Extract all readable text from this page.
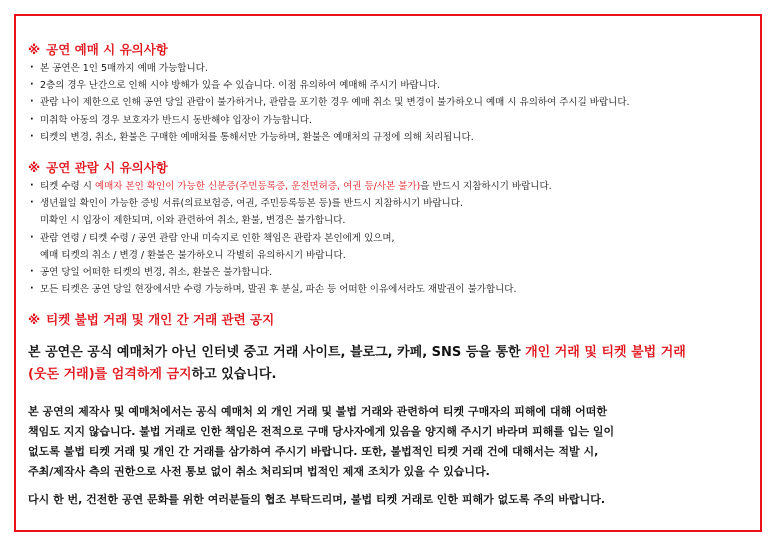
※ 공연 예매 시 유의사항
· 본 공연은 1인 5매까지 예매 가능합니다.
· 2층의 경우 난간으로 인해 시야 방해가 있을 수 있습니다. 이점 유의하여 예매해 주시기 바랍니다.
· 관람 나이 제한으로 인해 공연 당일 관람이 불가하거나, 관람을 포기한 경우 예매 취소 및 변경이 불가하오니 예매 시 유의하여 주시길 바랍니다.
· 미취학 아동의 경우 보호자가 반드시 동반해야 입장이 가능합니다.
· 티켓의 변경, 취소, 환불은 구매한 예매처를 통해서만 가능하며, 환불은 예매처의 규정에 의해 처리됩니다.
※ 공연 관람 시 유의사항
· 티켓 수령 시 예매자 본인 확인이 가능한 신분증(주민등록증, 운전면허증, 여권 등/사본 불가)을 반드시 지참하시기 바랍니다.
· 생년월일 확인이 가능한 증빙 서류(의료보험증, 여권, 주민등록등본 등)를 반드시 지참하시기 바랍니다.
미확인 시 입장이 제한되며, 이와 관련하여 취소, 환불, 변경은 불가합니다.
· 관람 연령 / 티켓 수령 / 공연 관람 안내 미숙지로 인한 책임은 관람자 본인에게 있으며,
예매 티켓의 취소 / 변경 / 환불은 불가하오니 각별히 유의하시기 바랍니다.
· 공연 당일 어떠한 티켓의 변경, 취소, 환불은 불가합니다.
· 모든 티켓은 공연 당일 현장에서만 수령 가능하며, 발권 후 분실, 파손 등 어떠한 이유에서라도 재발권이 불가합니다.
※ 티켓 불법 거래 및 개인 간 거래 관련 공지

본 공연은 공식 예매처가 아닌 인터넷 중고 거래 사이트, 블로그, 카페, SNS 등을 통한 개인 거래 및 티켓 불법 거래
(웃돈 거래)를 엄격하게 금지하고 있습니다.

본 공연의 제작사 및 예매처에서는 공식 예매처 외 개인 거래 및 불법 거래와 관련하여 티켓 구매자의 피해에 대해 어떠한
책임도 지지 않습니다. 불법 거래로 인한 책임은 전적으로 구매 당사자에게 있음을 양지해 주시기 바라며 피해를 입는 일이
없도록 불법 티켓 거래 및 개인 간 거래를 삼가하여 주시기 바랍니다. 또한, 불법적인 티켓 거래 건에 대해서는 적발 시,
주최/제작사 측의 권한으로 사전 통보 없이 취소 처리되며 법적인 제재 조치가 있을 수 있습니다.

다시 한 번, 건전한 공연 문화를 위한 여러분들의 협조 부탁드리며, 불법 티켓 거래로 인한 피해가 없도록 주의 바랍니다.
